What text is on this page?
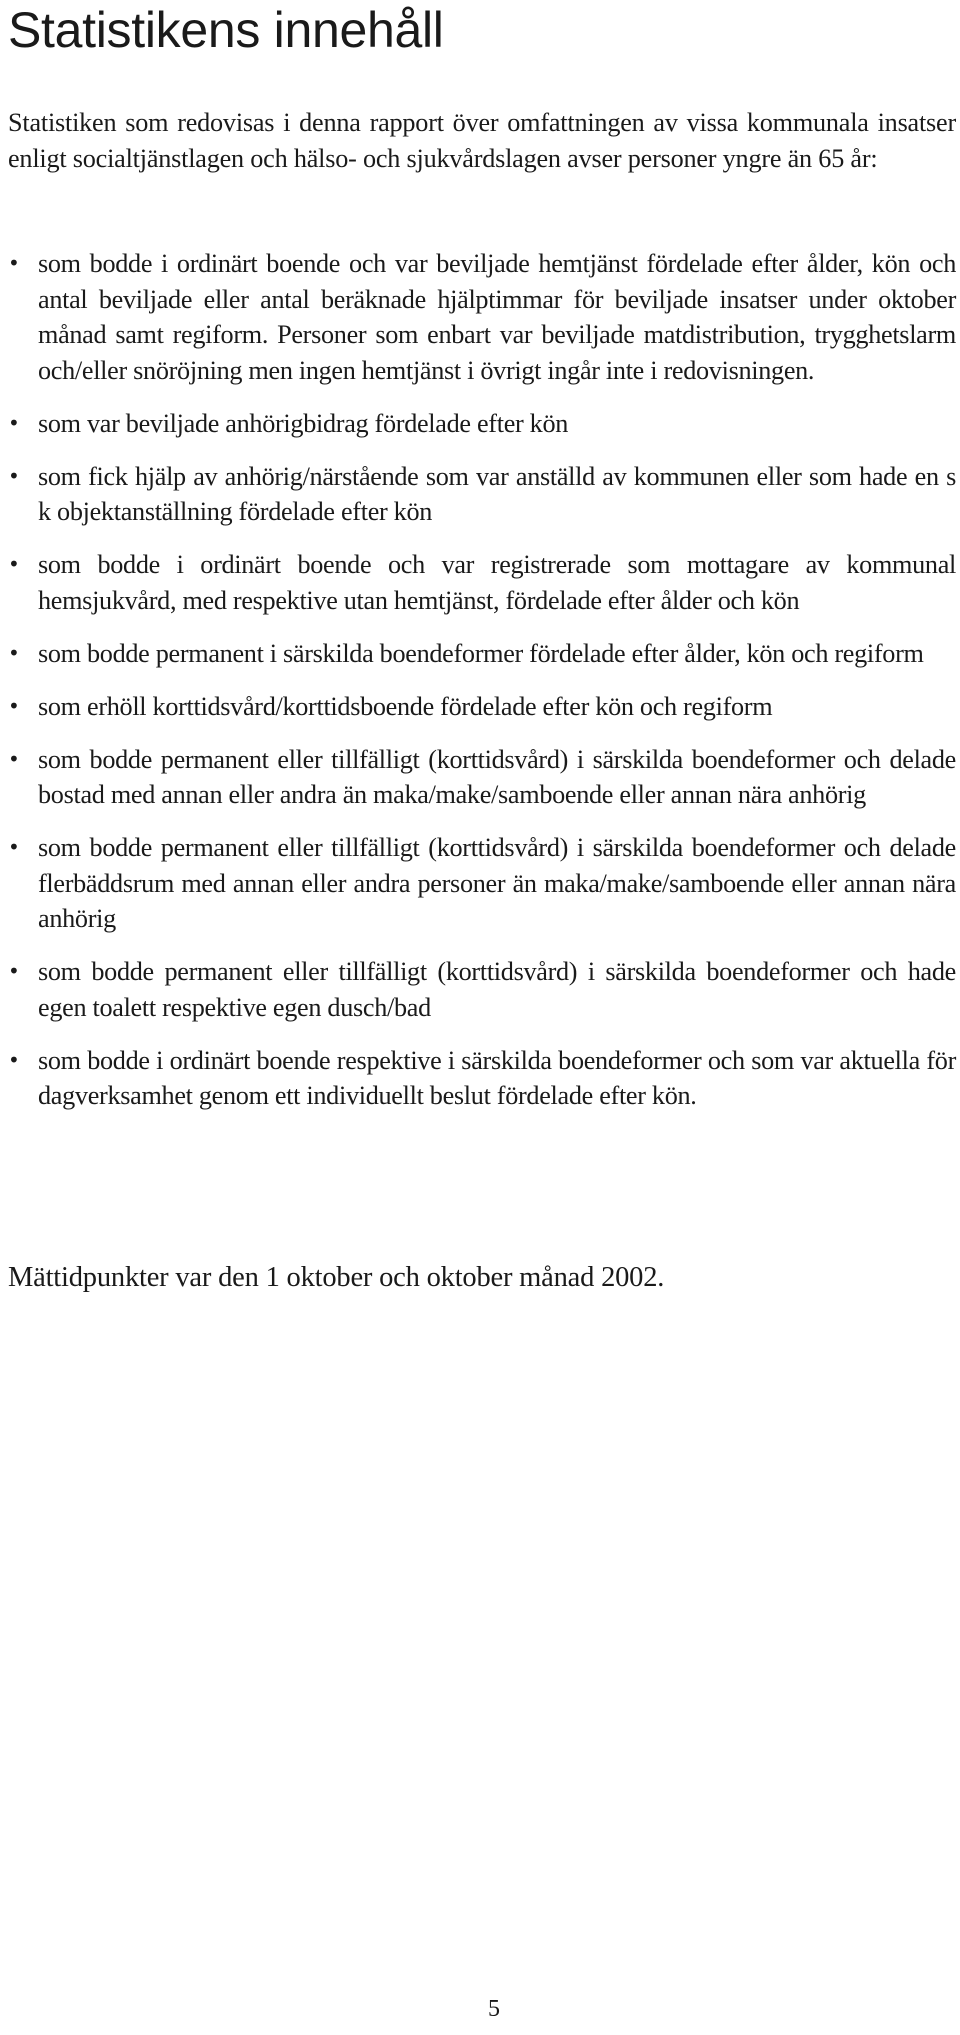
Statistikens innehåll

Statistiken som redovisas i denna rapport över omfattningen av vissa kommunala insatser enligt socialtjänstlagen och hälso- och sjukvårdslagen avser personer yngre än 65 år:

• som bodde i ordinärt boende och var beviljade hemtjänst fördelade efter ålder, kön och antal beviljade eller antal beräknade hjälptimmar för beviljade insatser under oktober månad samt regiform. Personer som enbart var beviljade matdistribution, trygghetslarm och/eller snöröjning men ingen hemtjänst i övrigt ingår inte i redovisningen.
• som var beviljade anhörigbidrag fördelade efter kön
• som fick hjälp av anhörig/närstående som var anställd av kommunen eller som hade en s k objektanställning fördelade efter kön
• som bodde i ordinärt boende och var registrerade som mottagare av kommunal hemsjukvård, med respektive utan hemtjänst, fördelade efter ålder och kön
• som bodde permanent i särskilda boendeformer fördelade efter ålder, kön och regiform
• som erhöll korttidsvård/korttidsboende fördelade efter kön och regiform
• som bodde permanent eller tillfälligt (korttidsvård) i särskilda boendeformer och delade bostad med annan eller andra än maka/make/samboende eller annan nära anhörig
• som bodde permanent eller tillfälligt (korttidsvård) i särskilda boendeformer och delade flerbäddsrum med annan eller andra personer än maka/make/samboende eller annan nära anhörig
• som bodde permanent eller tillfälligt (korttidsvård) i särskilda boendeformer och hade egen toalett respektive egen dusch/bad
• som bodde i ordinärt boende respektive i särskilda boendeformer och som var aktuella för dagverksamhet genom ett individuellt beslut fördelade efter kön.

Mättidpunkter var den 1 oktober och oktober månad 2002.

5
